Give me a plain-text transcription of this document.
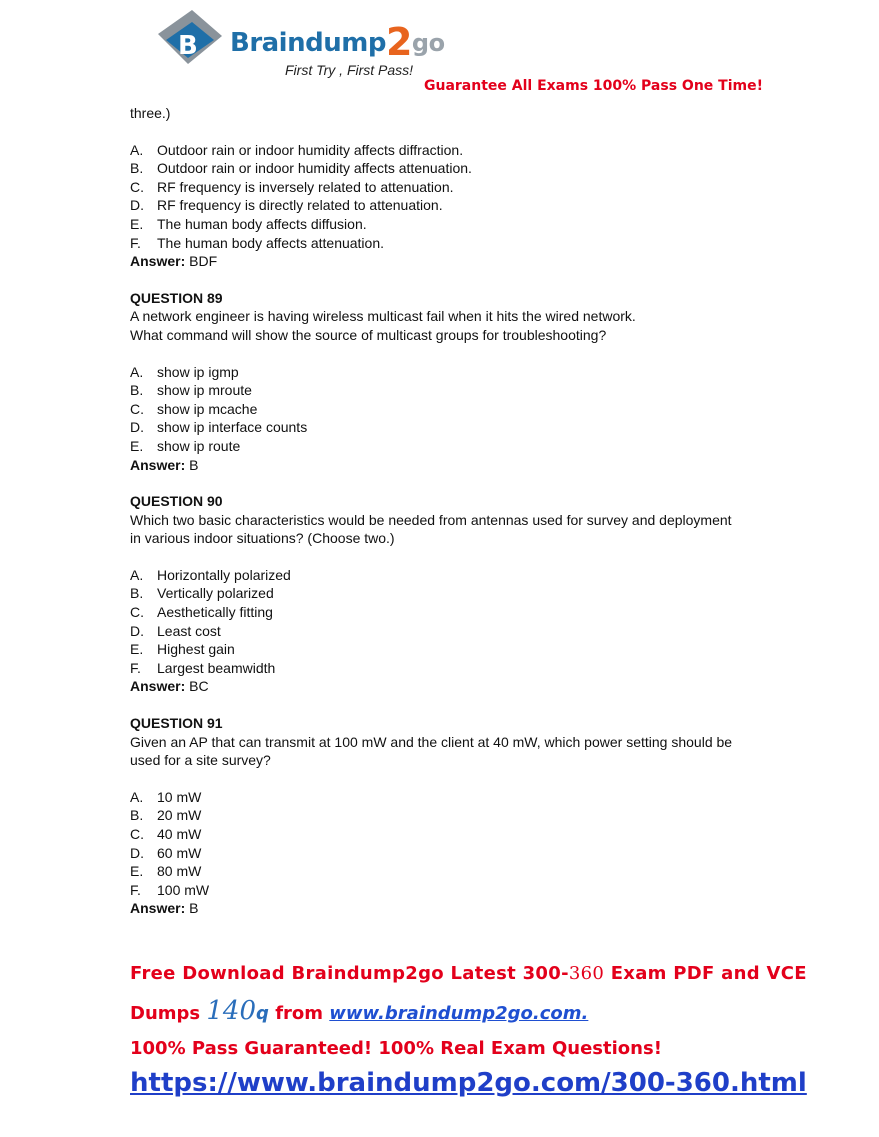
B Braindump2go
First Try , First Pass!
Guarantee All Exams 100% Pass One Time!

three.)

A. Outdoor rain or indoor humidity affects diffraction.
B. Outdoor rain or indoor humidity affects attenuation.
C. RF frequency is inversely related to attenuation.
D. RF frequency is directly related to attenuation.
E. The human body affects diffusion.
F.	The human body affects attenuation.

Answer: BDF

QUESTION 89

A network engineer is having wireless multicast fail when it hits the wired network.

What command will show the source of multicast groups for troubleshooting?

A. show ip igmp
B. show ip mroute
C. show ip mcache
D. show ip interface counts
E. show ip route

Answer: B

QUESTION 90

Which two basic characteristics would be needed from antennas used for survey and deployment

in various indoor situations? (Choose two.)

A. Horizontally polarized
B. Vertically polarized
C. Aesthetically fitting
D. Least cost
E. Highest gain
F.	Largest beamwidth

Answer: BC

QUESTION 91

Given an AP that can transmit at 100 mW and the client at 40 mW, which power setting should be

used for a site survey?

A. 10 mW
B. 20 mW
C. 40 mW
D. 60 mW
E. 80 mW
F.	100 mW

Answer: B

Free Download Braindump2go Latest 300-360 Exam PDF and VCE
Dumps 140q from www.braindump2go.com.
100% Pass Guaranteed! 100% Real Exam Questions!
https://www.braindump2go.com/300-360.html
